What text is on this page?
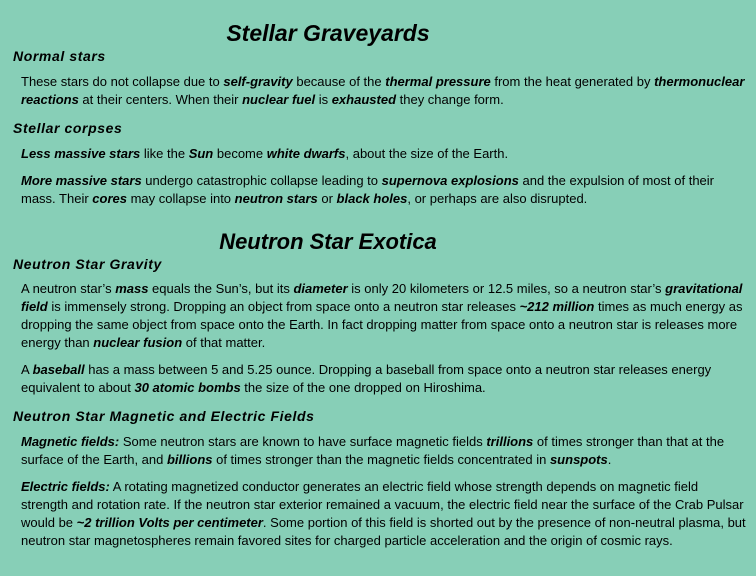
Stellar Graveyards
Normal stars

These stars do not collapse due to self-gravity because of the thermal pressure from the heat generated by thermonuclear reactions at their centers. When their nuclear fuel is exhausted they change form.

Stellar corpses

Less massive stars like the Sun become white dwarfs, about the size of the Earth.

More massive stars undergo catastrophic collapse leading to supernova explosions and the expulsion of most of their mass. Their cores may collapse into neutron stars or black holes, or perhaps are also disrupted.

Neutron Star Exotica
Neutron Star Gravity

A neutron star’s mass equals the Sun’s, but its diameter is only 20 kilometers or 12.5 miles, so a neutron star’s gravitational field is immensely strong. Dropping an object from space onto a neutron star releases ~212 million times as much energy as dropping the same object from space onto the Earth. In fact dropping matter from space onto a neutron star is releases more energy than nuclear fusion of that matter.

A baseball has a mass between 5 and 5.25 ounce. Dropping a baseball from space onto a neutron star releases energy equivalent to about 30 atomic bombs the size of the one dropped on Hiroshima.

Neutron Star Magnetic and Electric Fields

Magnetic fields: Some neutron stars are known to have surface magnetic fields trillions of times stronger than that at the surface of the Earth, and billions of times stronger than the magnetic fields concentrated in sunspots.

Electric fields: A rotating magnetized conductor generates an electric field whose strength depends on magnetic field strength and rotation rate. If the neutron star exterior remained a vacuum, the electric field near the surface of the Crab Pulsar would be ~2 trillion Volts per centimeter. Some portion of this field is shorted out by the presence of non-neutral plasma, but neutron star magnetospheres remain favored sites for charged particle acceleration and the origin of cosmic rays.
